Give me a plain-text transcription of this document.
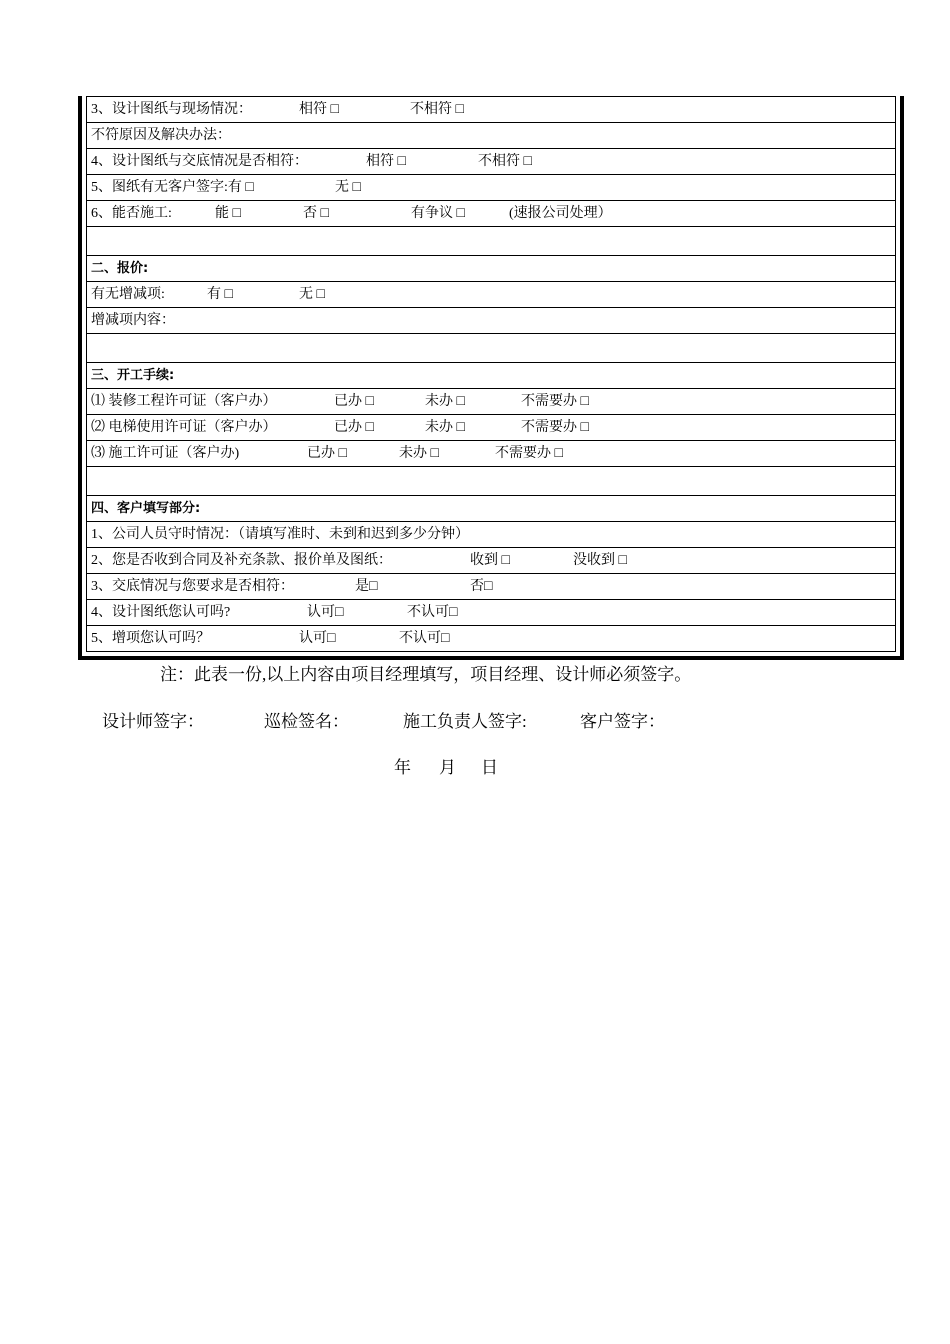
3、设计图纸与现场情况：	相符 □	不相符 □
不符原因及解决办法：
4、设计图纸与交底情况是否相符：	相符 □	不相符 □
5、图纸有无客户签字:有 □	无 □
6、能否施工:	能 □	否 □	有争议 □	(速报公司处理）
二、报价:
有无增减项:	有 □	无 □
增减项内容：
三、开工手续:
⑴ 装修工程许可证（客户办）	已办 □	未办 □	不需要办 □
⑵ 电梯使用许可证（客户办）	已办 □	未办 □	不需要办 □
⑶ 施工许可证（客户办)	已办 □	未办 □	不需要办 □
四、客户填写部分:
1、公司人员守时情况：（请填写准时、未到和迟到多少分钟）
2、您是否收到合同及补充条款、报价单及图纸：	收到 □	没收到 □
3、交底情况与您要求是否相符：	是□	否□
4、设计图纸您认可吗?	认可□	不认可□
5、增项您认可吗？	认可□	不认可□
注：此表一份,以上内容由项目经理填写，项目经理、设计师必须签字。
设计师签字：	巡检签名：	施工负责人签字:	客户签字：
年 月 日
